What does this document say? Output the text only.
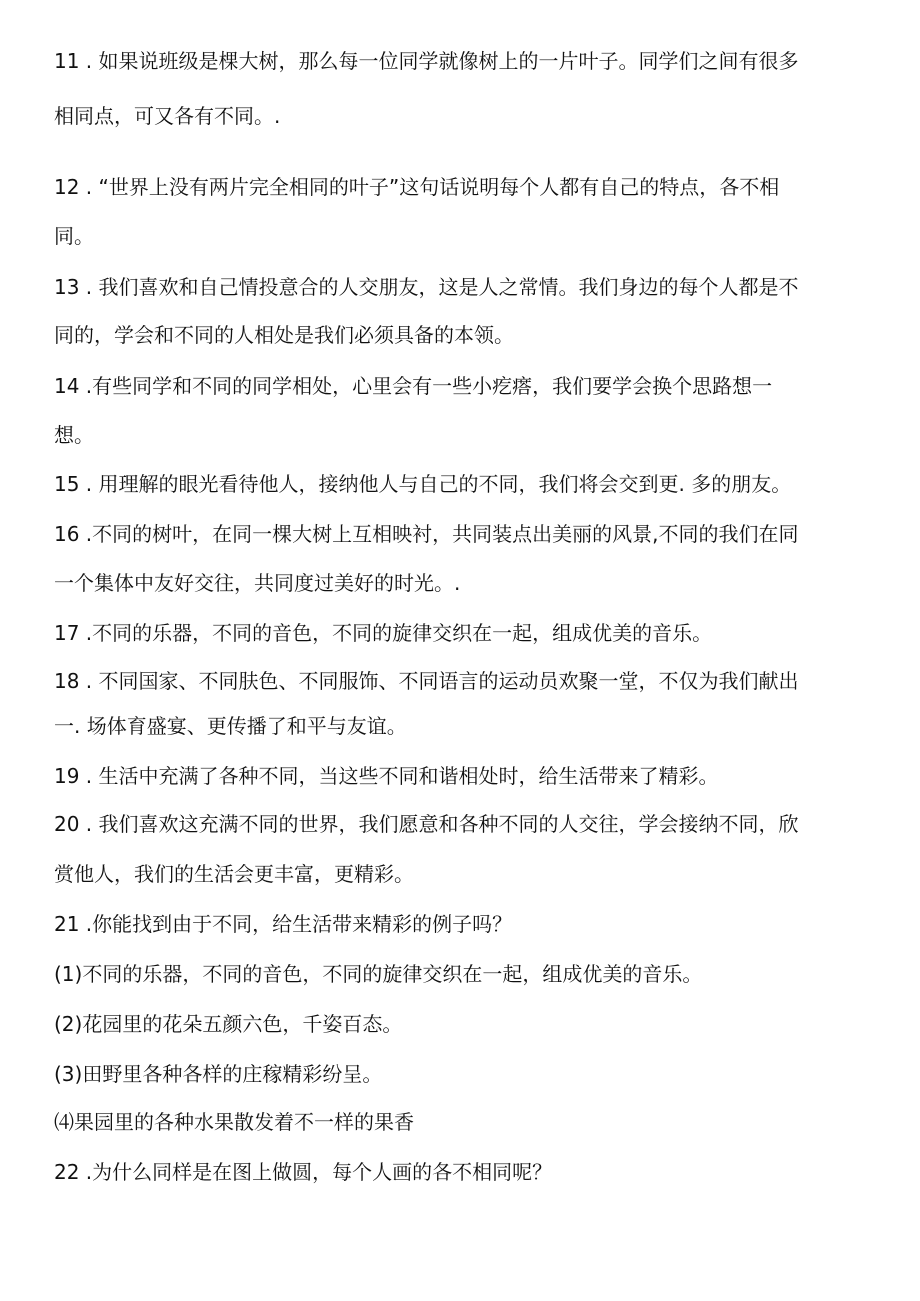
11 . 如果说班级是棵大树，那么每一位同学就像树上的一片叶子。同学们之间有很多
相同点，可又各有不同。.
12 . “世界上没有两片完全相同的叶子”这句话说明每个人都有自己的特点，各不相
同。
13 . 我们喜欢和自己情投意合的人交朋友，这是人之常情。我们身边的每个人都是不
同的，学会和不同的人相处是我们必须具备的本领。
14 .有些同学和不同的同学相处，心里会有一些小疙瘩，我们要学会换个思路想一
想。
15 . 用理解的眼光看待他人，接纳他人与自己的不同，我们将会交到更. 多的朋友。
16 .不同的树叶，在同一棵大树上互相映衬，共同装点出美丽的风景,不同的我们在同
一个集体中友好交往，共同度过美好的时光。.
17 .不同的乐器，不同的音色，不同的旋律交织在一起，组成优美的音乐。
18 . 不同国家、不同肤色、不同服饰、不同语言的运动员欢聚一堂，不仅为我们献出
一. 场体育盛宴、更传播了和平与友谊。
19 . 生活中充满了各种不同，当这些不同和谐相处时，给生活带来了精彩。
20 . 我们喜欢这充满不同的世界，我们愿意和各种不同的人交往，学会接纳不同，欣
赏他人，我们的生活会更丰富，更精彩。
21 .你能找到由于不同，给生活带来精彩的例子吗？
(1)不同的乐器，不同的音色，不同的旋律交织在一起，组成优美的音乐。
(2)花园里的花朵五颜六色，千姿百态。
(3)田野里各种各样的庄稼精彩纷呈。
⑷果园里的各种水果散发着不一样的果香
22 .为什么同样是在图上做圆，每个人画的各不相同呢？
